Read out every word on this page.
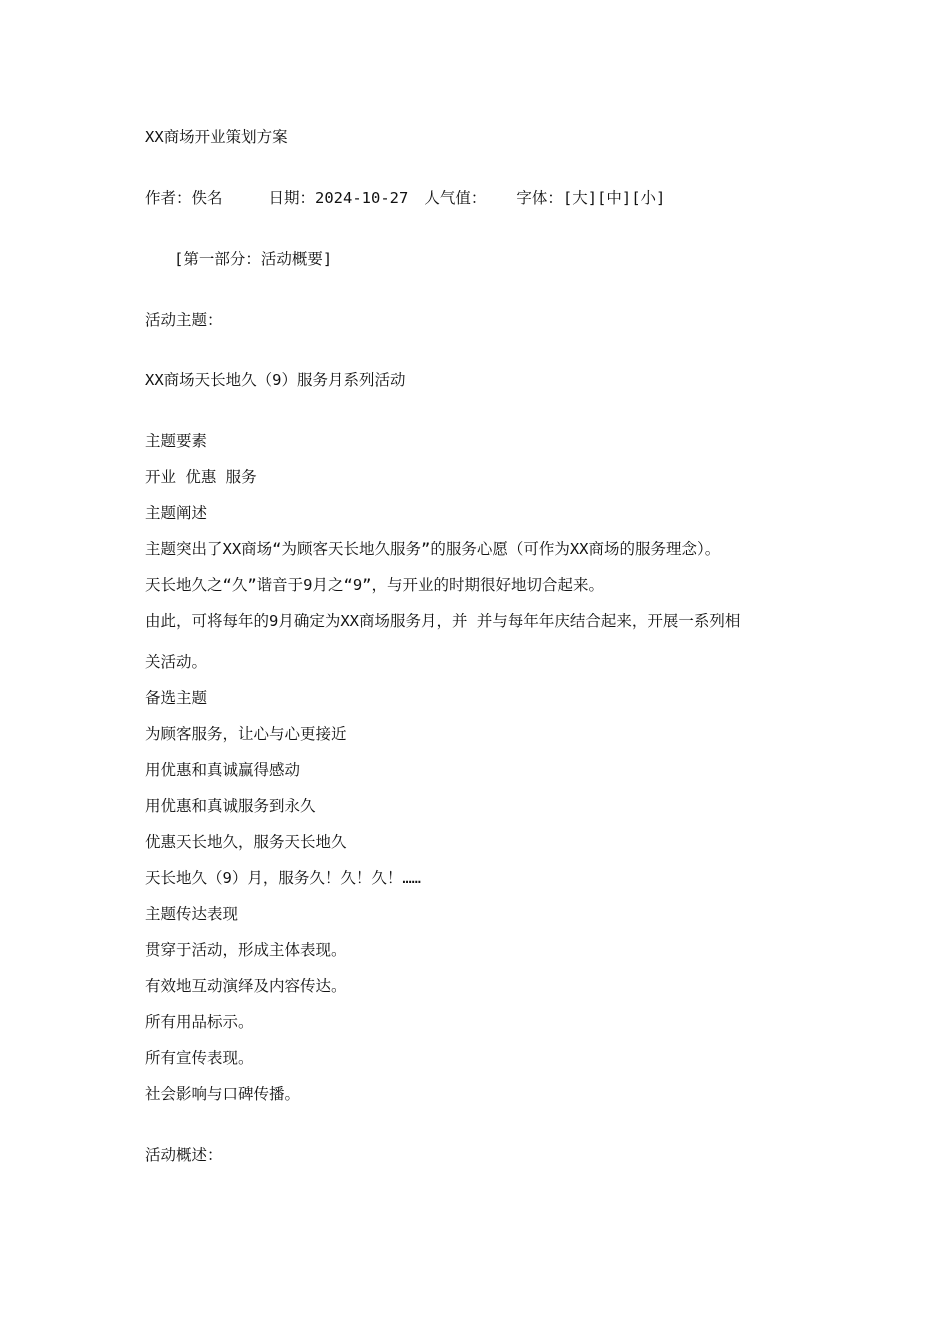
XX商场开业策划方案
作者：佚名	日期：2024-10-27 人气值： 字体：[大][中][小]
[第一部分：活动概要]
活动主题：
XX商场天长地久（9）服务月系列活动
主题要素
开业 优惠 服务
主题阐述
主题突出了XX商场“为顾客天长地久服务”的服务心愿（可作为XX商场的服务理念）。
天长地久之“久”谐音于9月之“9”，与开业的时期很好地切合起来。
由此，可将每年的9月确定为XX商场服务月，并 并与每年年庆结合起来，开展一系列相
关活动。
备选主题
为顾客服务，让心与心更接近
用优惠和真诚赢得感动
用优惠和真诚服务到永久
优惠天长地久，服务天长地久
天长地久（9）月，服务久！久！久！……
主题传达表现
贯穿于活动，形成主体表现。
有效地互动演绎及内容传达。
所有用品标示。
所有宣传表现。
社会影响与口碑传播。
活动概述：
